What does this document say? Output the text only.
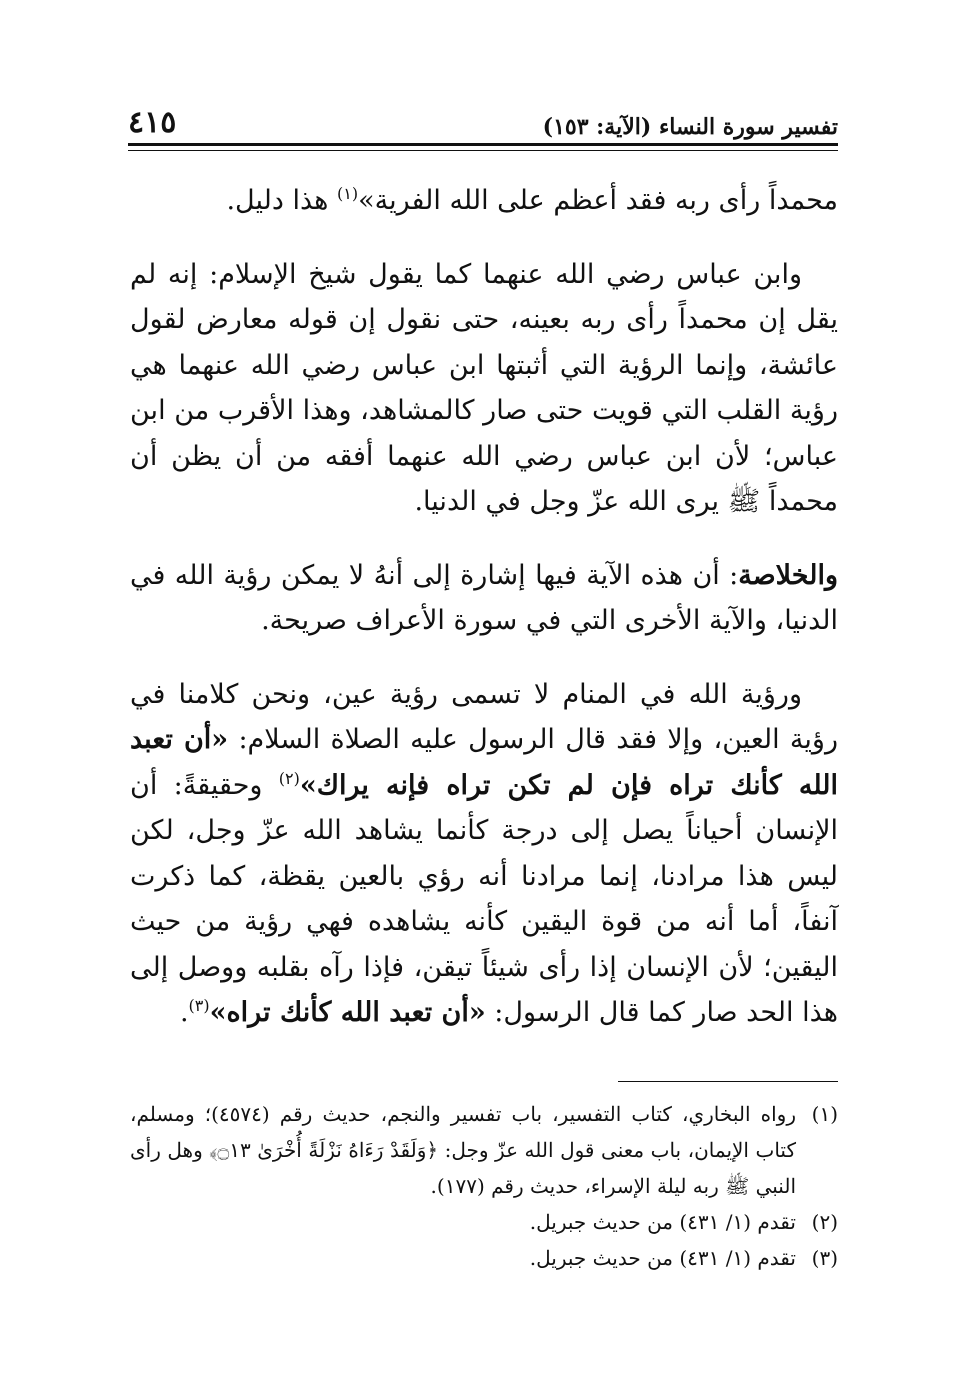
تفسير سورة النساء (الآية: ١٥٣)
٤١٥

محمداً رأى ربه فقد أعظم على الله الفرية»$^{(١)}$ هذا دليل.

وابن عباس رضي الله عنهما كما يقول شيخ الإسلام: إنه لم يقل إن محمداً رأى ربه بعينه، حتى نقول إن قوله معارض لقول عائشة، وإنما الرؤية التي أثبتها ابن عباس رضي الله عنهما هي رؤية القلب التي قويت حتى صار كالمشاهد، وهذا الأقرب من ابن عباس؛ لأن ابن عباس رضي الله عنهما أفقه من أن يظن أن محمداً ﷺ يرى الله عزّ وجل في الدنيا.

والخلاصة: أن هذه الآية فيها إشارة إلى أنهُ لا يمكن رؤية الله في الدنيا، والآية الأخرى التي في سورة الأعراف صريحة.

ورؤية الله في المنام لا تسمى رؤية عين، ونحن كلامنا في رؤية العين، وإلا فقد قال الرسول عليه الصلاة السلام: «أن تعبد الله كأنك تراه فإن لم تكن تراه فإنه يراك»$^{(٢)}$ وحقيقةً: أن الإنسان أحياناً يصل إلى درجة كأنما يشاهد الله عزّ وجل، لكن ليس هذا مرادنا، إنما مرادنا أنه رؤي بالعين يقظة، كما ذكرت آنفاً، أما أنه من قوة اليقين كأنه يشاهده فهي رؤية من حيث اليقين؛ لأن الإنسان إذا رأى شيئاً تيقن، فإذا رآه بقلبه ووصل إلى هذا الحد صار كما قال الرسول: «أن تعبد الله كأنك تراه»$^{(٣)}$.

(١)
رواه البخاري، كتاب التفسير، باب تفسير والنجم، حديث رقم (٤٥٧٤)؛ ومسلم، كتاب الإيمان، باب معنى قول الله عزّ وجل: ﴿وَلَقَدْ رَءَاهُ نَزْلَةً أُخْرَىٰ ۝١٣﴾ وهل رأى النبي ﷺ ربه ليلة الإسراء، حديث رقم (١٧٧).
(٢)
تقدم (١/ ٤٣١) من حديث جبريل.
(٣)
تقدم (١/ ٤٣١) من حديث جبريل.
